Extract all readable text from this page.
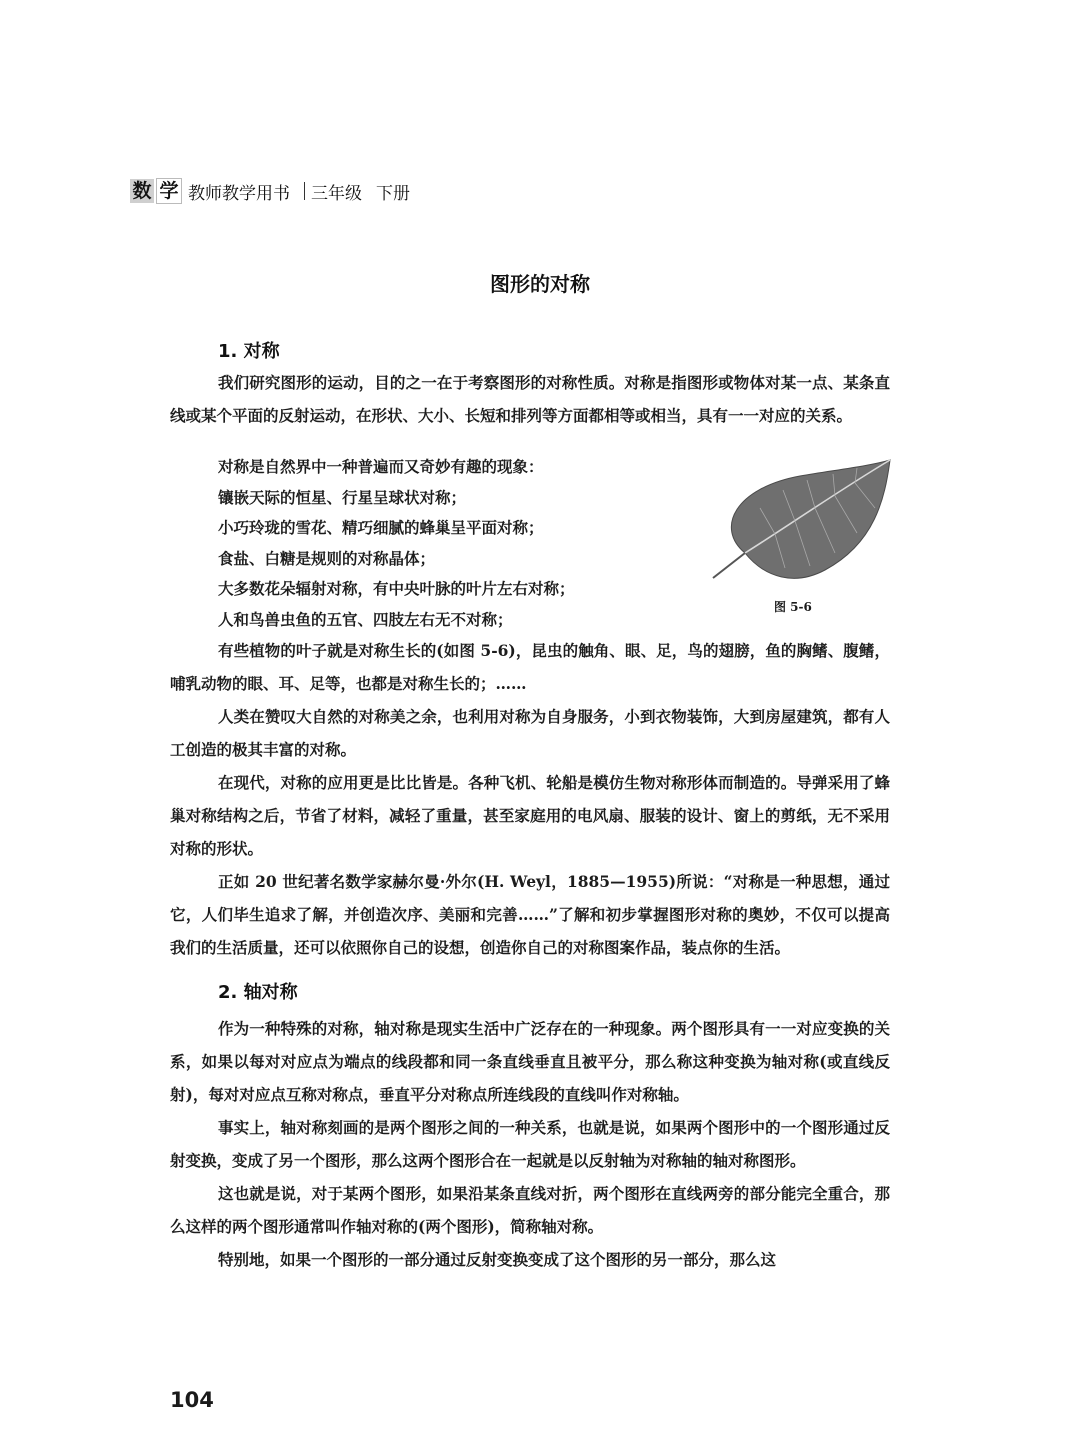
数 学 教师教学用书 三年级 下册
图形的对称
1. 对称

我们研究图形的运动，目的之一在于考察图形的对称性质。对称是指图形或物体对某一点、某条直线或某个平面的反射运动，在形状、大小、长短和排列等方面都相等或相当，具有一一对应的关系。

对称是自然界中一种普遍而又奇妙有趣的现象：
镶嵌天际的恒星、行星呈球状对称；
小巧玲珑的雪花、精巧细腻的蜂巢呈平面对称；
食盐、白糖是规则的对称晶体；
大多数花朵辐射对称，有中央叶脉的叶片左右对称；
人和鸟兽虫鱼的五官、四肢左右无不对称；
图 5-6

有些植物的叶子就是对称生长的(如图 5-6)，昆虫的触角、眼、足，鸟的翅膀，鱼的胸鳍、腹鳍，哺乳动物的眼、耳、足等，也都是对称生长的；……

人类在赞叹大自然的对称美之余，也利用对称为自身服务，小到衣物装饰，大到房屋建筑，都有人工创造的极其丰富的对称。

在现代，对称的应用更是比比皆是。各种飞机、轮船是模仿生物对称形体而制造的。导弹采用了蜂巢对称结构之后，节省了材料，减轻了重量，甚至家庭用的电风扇、服装的设计、窗上的剪纸，无不采用对称的形状。

正如 20 世纪著名数学家赫尔曼·外尔(H. Weyl，1885—1955)所说：“对称是一种思想，通过它，人们毕生追求了解，并创造次序、美丽和完善……”了解和初步掌握图形对称的奥妙，不仅可以提高我们的生活质量，还可以依照你自己的设想，创造你自己的对称图案作品，装点你的生活。

2. 轴对称

作为一种特殊的对称，轴对称是现实生活中广泛存在的一种现象。两个图形具有一一对应变换的关系，如果以每对对应点为端点的线段都和同一条直线垂直且被平分，那么称这种变换为轴对称(或直线反射)，每对对应点互称对称点，垂直平分对称点所连线段的直线叫作对称轴。

事实上，轴对称刻画的是两个图形之间的一种关系，也就是说，如果两个图形中的一个图形通过反射变换，变成了另一个图形，那么这两个图形合在一起就是以反射轴为对称轴的轴对称图形。

这也就是说，对于某两个图形，如果沿某条直线对折，两个图形在直线两旁的部分能完全重合，那么这样的两个图形通常叫作轴对称的(两个图形)，简称轴对称。

特别地，如果一个图形的一部分通过反射变换变成了这个图形的另一部分，那么这

104
